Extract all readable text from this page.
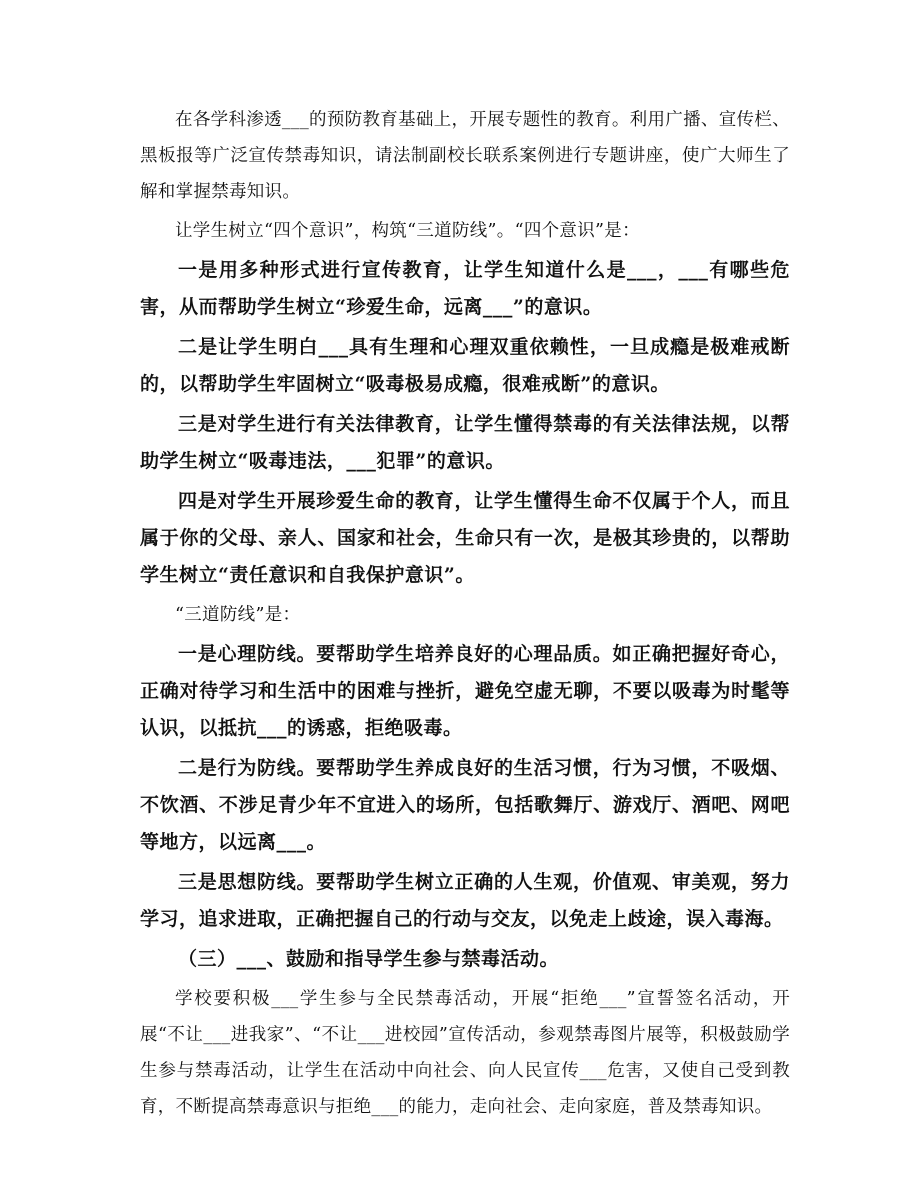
在各学科渗透___的预防教育基础上，开展专题性的教育。利用广播、宣传栏、黑板报等广泛宣传禁毒知识，请法制副校长联系案例进行专题讲座，使广大师生了解和掌握禁毒知识。

让学生树立“四个意识”，构筑“三道防线”。“四个意识”是：

一是用多种形式进行宣传教育，让学生知道什么是___，___有哪些危害，从而帮助学生树立“珍爱生命，远离___”的意识。

二是让学生明白___具有生理和心理双重依赖性，一旦成瘾是极难戒断的，以帮助学生牢固树立“吸毒极易成瘾，很难戒断”的意识。

三是对学生进行有关法律教育，让学生懂得禁毒的有关法律法规，以帮助学生树立“吸毒违法，___犯罪”的意识。

四是对学生开展珍爱生命的教育，让学生懂得生命不仅属于个人，而且属于你的父母、亲人、国家和社会，生命只有一次，是极其珍贵的，以帮助学生树立“责任意识和自我保护意识”。

“三道防线”是：

一是心理防线。要帮助学生培养良好的心理品质。如正确把握好奇心，正确对待学习和生活中的困难与挫折，避免空虚无聊，不要以吸毒为时髦等认识，以抵抗___的诱惑，拒绝吸毒。

二是行为防线。要帮助学生养成良好的生活习惯，行为习惯，不吸烟、不饮酒、不涉足青少年不宜进入的场所，包括歌舞厅、游戏厅、酒吧、网吧等地方，以远离___。

三是思想防线。要帮助学生树立正确的人生观，价值观、审美观，努力学习，追求进取，正确把握自己的行动与交友，以免走上歧途，误入毒海。

（三）___、鼓励和指导学生参与禁毒活动。

学校要积极___学生参与全民禁毒活动，开展“拒绝___”宣誓签名活动，开展“不让___进我家”、“不让___进校园”宣传活动，参观禁毒图片展等，积极鼓励学生参与禁毒活动，让学生在活动中向社会、向人民宣传___危害，又使自己受到教育，不断提高禁毒意识与拒绝___的能力，走向社会、走向家庭，普及禁毒知识。
